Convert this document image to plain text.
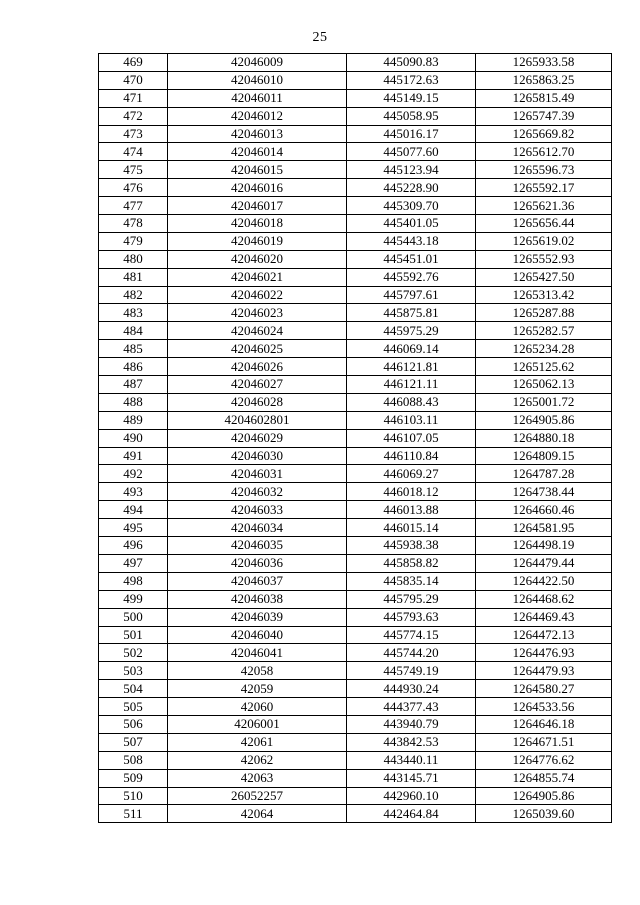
25
469	42046009	445090.83	1265933.58
470	42046010	445172.63	1265863.25
471	42046011	445149.15	1265815.49
472	42046012	445058.95	1265747.39
473	42046013	445016.17	1265669.82
474	42046014	445077.60	1265612.70
475	42046015	445123.94	1265596.73
476	42046016	445228.90	1265592.17
477	42046017	445309.70	1265621.36
478	42046018	445401.05	1265656.44
479	42046019	445443.18	1265619.02
480	42046020	445451.01	1265552.93
481	42046021	445592.76	1265427.50
482	42046022	445797.61	1265313.42
483	42046023	445875.81	1265287.88
484	42046024	445975.29	1265282.57
485	42046025	446069.14	1265234.28
486	42046026	446121.81	1265125.62
487	42046027	446121.11	1265062.13
488	42046028	446088.43	1265001.72
489	4204602801	446103.11	1264905.86
490	42046029	446107.05	1264880.18
491	42046030	446110.84	1264809.15
492	42046031	446069.27	1264787.28
493	42046032	446018.12	1264738.44
494	42046033	446013.88	1264660.46
495	42046034	446015.14	1264581.95
496	42046035	445938.38	1264498.19
497	42046036	445858.82	1264479.44
498	42046037	445835.14	1264422.50
499	42046038	445795.29	1264468.62
500	42046039	445793.63	1264469.43
501	42046040	445774.15	1264472.13
502	42046041	445744.20	1264476.93
503	42058	445749.19	1264479.93
504	42059	444930.24	1264580.27
505	42060	444377.43	1264533.56
506	4206001	443940.79	1264646.18
507	42061	443842.53	1264671.51
508	42062	443440.11	1264776.62
509	42063	443145.71	1264855.74
510	26052257	442960.10	1264905.86
511	42064	442464.84	1265039.60
